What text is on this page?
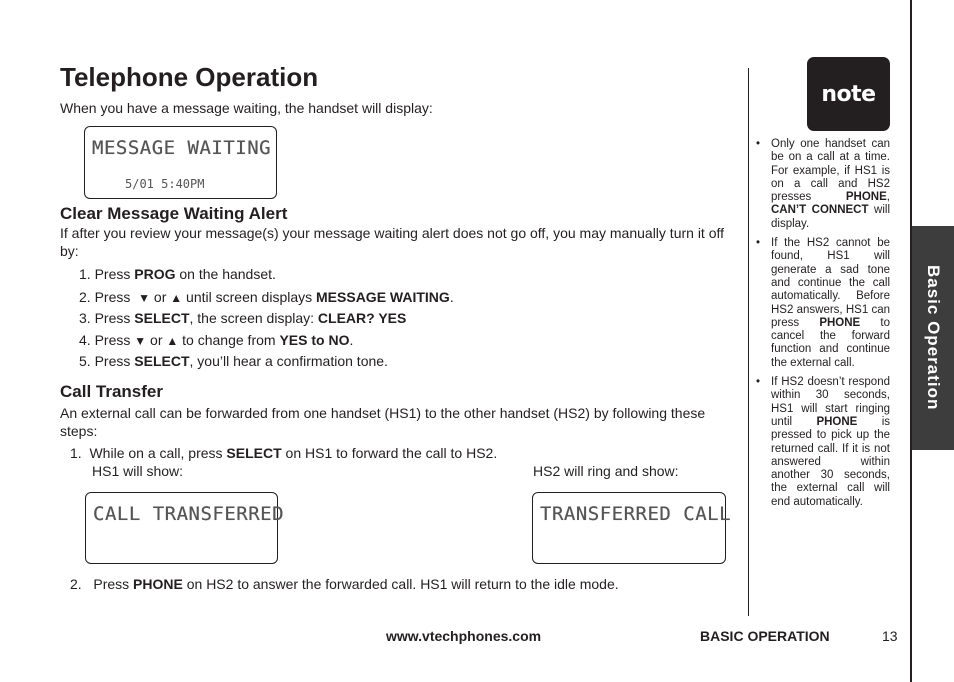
Telephone Operation

When you have a message waiting, the handset will display:

MESSAGE WAITING
5/01 5:40PM
Clear Message Waiting Alert

If after you review your message(s) your message waiting alert does not go off, you may manually turn it off by:

1. Press PROG on the handset.
2. Press  ▼ or ▲ until screen displays MESSAGE WAITING.
3. Press SELECT, the screen display: CLEAR? YES
4. Press ▼ or ▲ to change from YES to NO.
5. Press SELECT, you’ll hear a confirmation tone.
Call Transfer

An external call can be forwarded from one handset (HS1) to the other handset (HS2) by following these steps:

1. While on a call, press SELECT on HS1 to forward the call to HS2.
HS1 will show:	HS2 will ring and show:
CALL TRANSFERRED	TRANSFERRED CALL
2. Press PHONE on HS2 to answer the forwarded call. HS1 will return to the idle mode.
note
• Only one handset can be on a call at a time. For example, if HS1 is on a call and HS2 presses PHONE, CAN’T CONNECT will display.
• If the HS2 cannot be found, HS1 will generate a sad tone and continue the call automatically. Before HS2 answers, HS1 can press PHONE to cancel the forward function and continue the external call.
• If HS2 doesn’t respond within 30 seconds, HS1 will start ringing until PHONE is pressed to pick up the returned call. If it is not answered within another 30 seconds, the external call will end automatically.
Basic Operation
www.vtechphones.com	BASIC OPERATION	13
